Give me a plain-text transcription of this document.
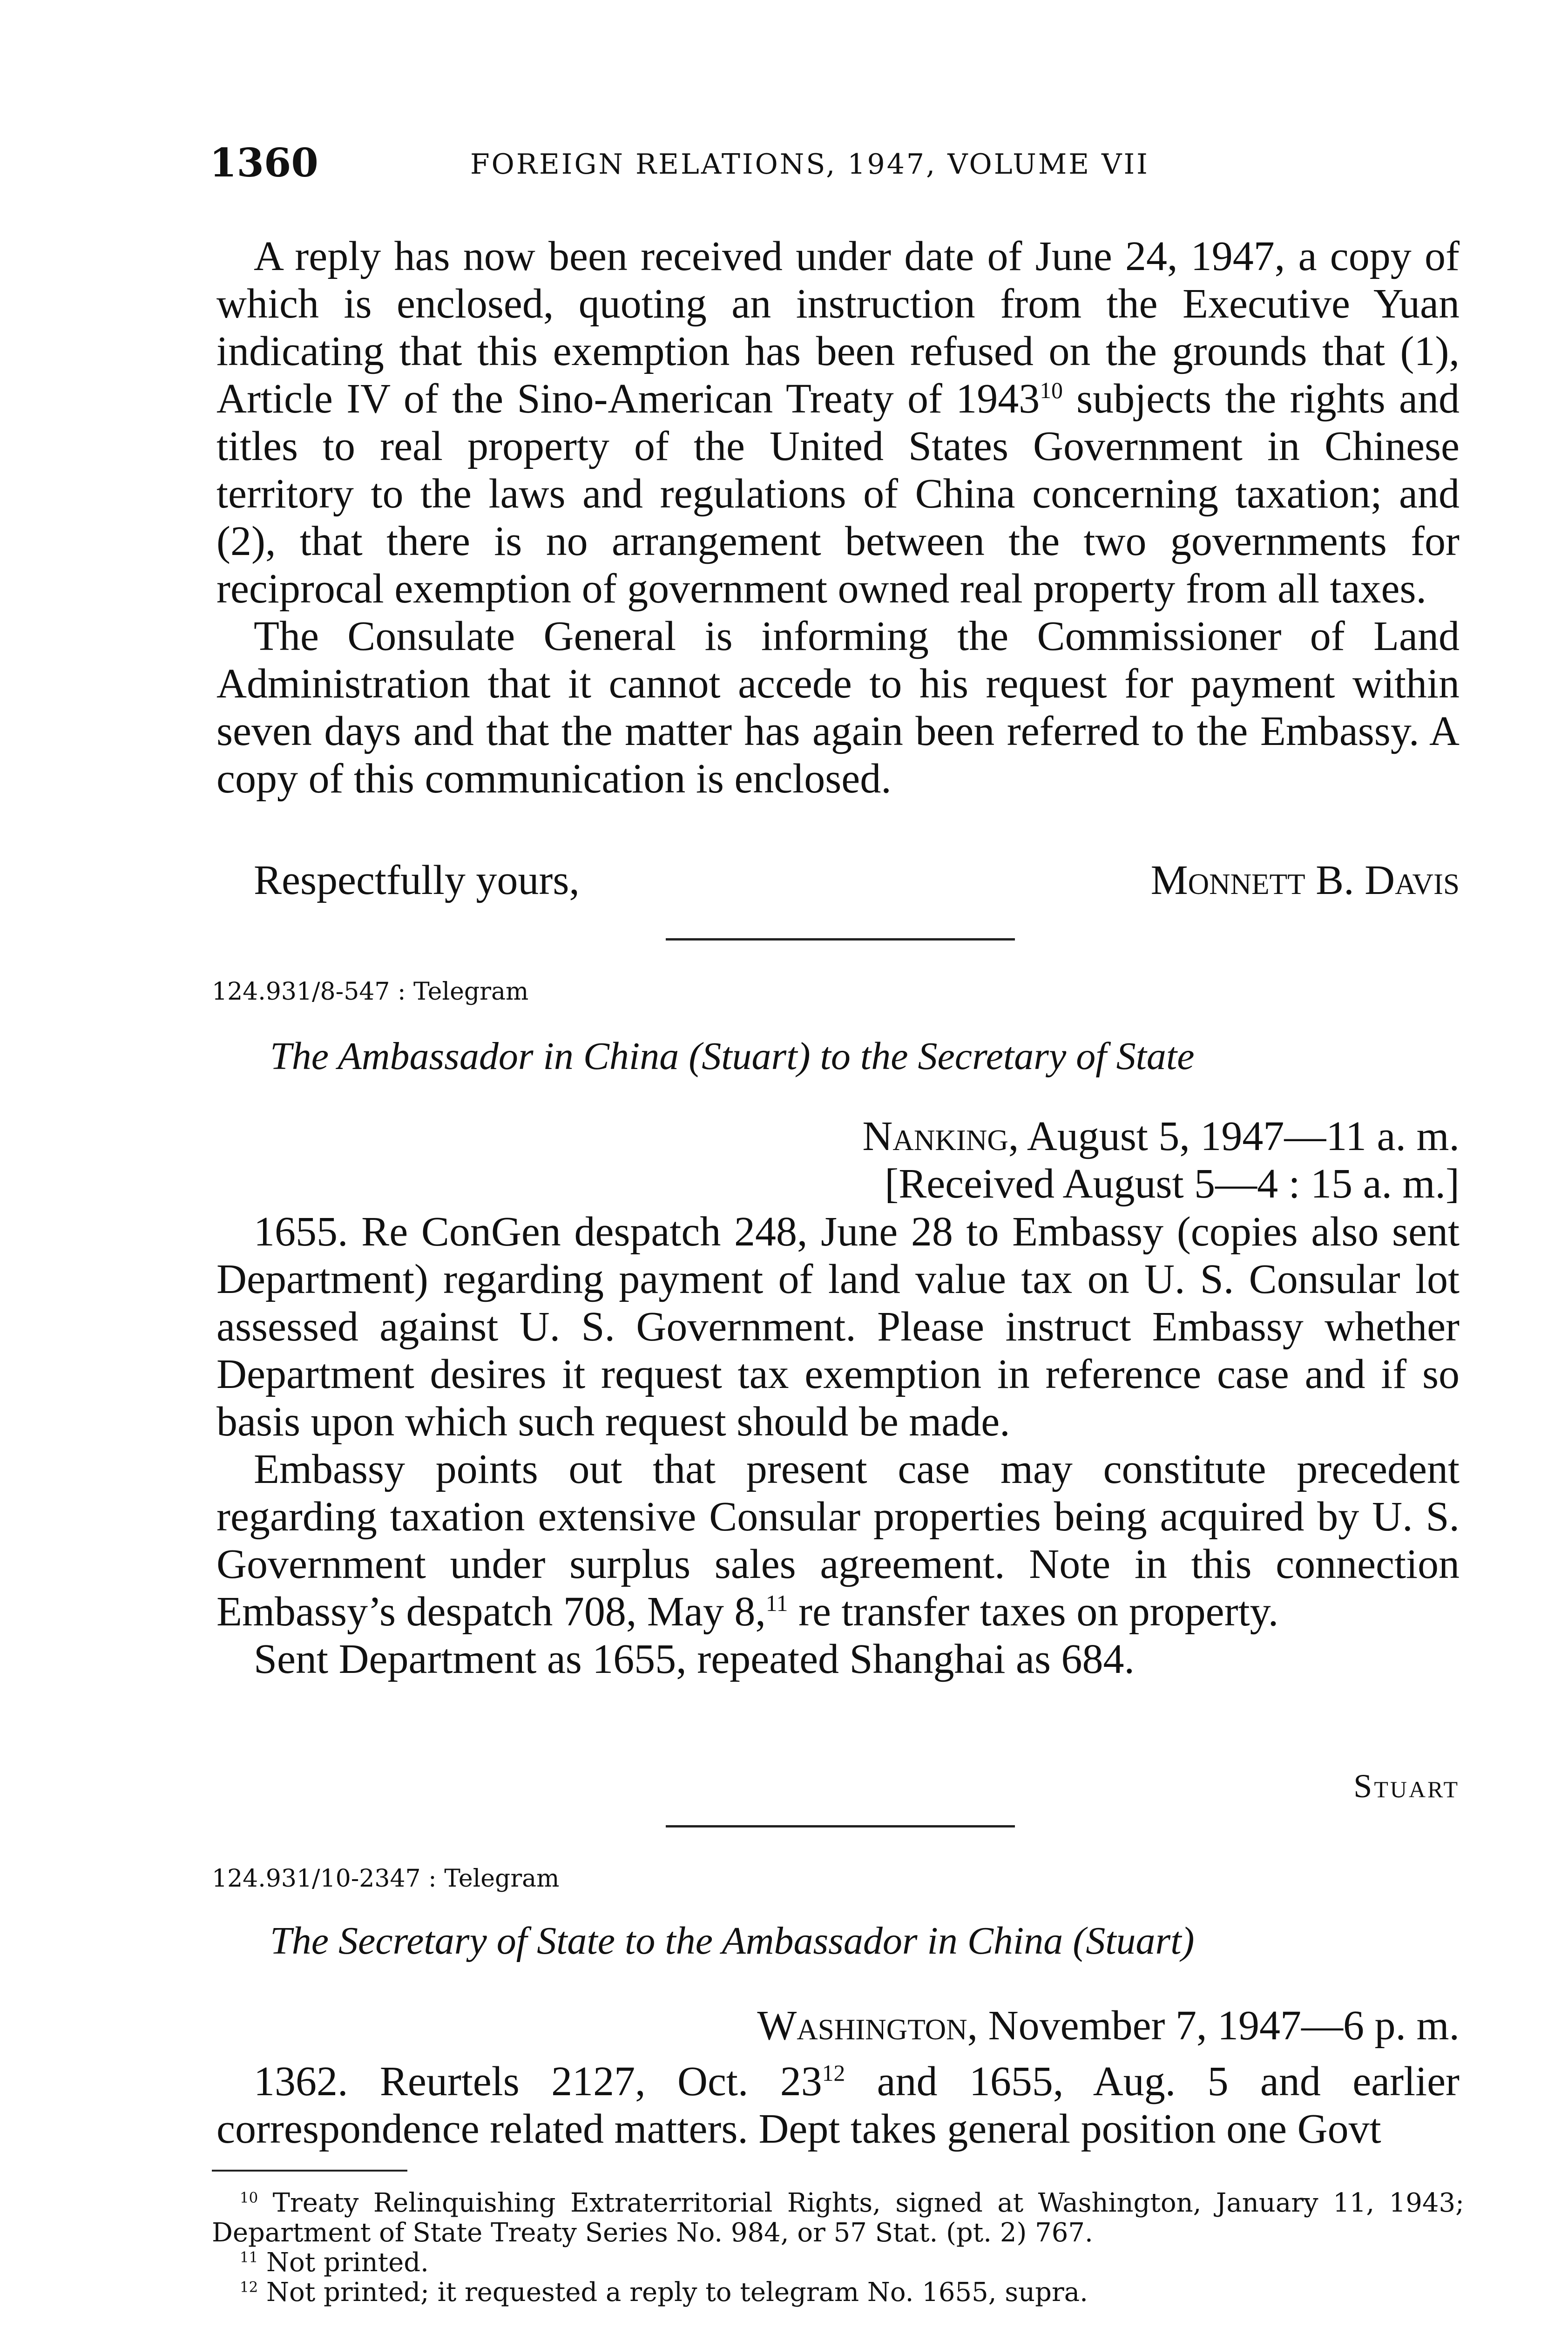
1360	FOREIGN RELATIONS, 1947, VOLUME VII

A reply has now been received under date of June 24, 1947, a copy of which is enclosed, quoting an instruction from the Executive Yuan indicating that this exemption has been refused on the grounds that (1), Article IV of the Sino-American Treaty of 1943$^{10}$ subjects the rights and titles to real property of the United States Government in Chinese territory to the laws and regulations of China concerning taxation; and (2), that there is no arrangement between the two governments for reciprocal exemption of government owned real property from all taxes.

The Consulate General is informing the Commissioner of Land Administration that it cannot accede to his request for payment within seven days and that the matter has again been referred to the Embassy. A copy of this communication is enclosed.

Respectfully yours,	Monnett B. Davis
124.931/8-547 : Telegram
The Ambassador in China (Stuart) to the Secretary of State
Nanking, August 5, 1947—11 a. m.
[Received August 5—4 : 15 a. m.]

1655. Re ConGen despatch 248, June 28 to Embassy (copies also sent Department) regarding payment of land value tax on U. S. Consular lot assessed against U. S. Government. Please instruct Embassy whether Department desires it request tax exemption in reference case and if so basis upon which such request should be made.

Embassy points out that present case may constitute precedent regarding taxation extensive Consular properties being acquired by U. S. Government under surplus sales agreement. Note in this connection Embassy’s despatch 708, May 8,11 re transfer taxes on property.

Sent Department as 1655, repeated Shanghai as 684.

Stuart
124.931/10-2347 : Telegram
The Secretary of State to the Ambassador in China (Stuart)
Washington, November 7, 1947—6 p. m.

1362. Reurtels 2127, Oct. $23^{12}$ and 1655, Aug. 5 and earlier correspondence related matters. Dept takes general position one Govt

$^{10}$ Treaty Relinquishing Extraterritorial Rights, signed at Washington, January 11, 1943; Department of State Treaty Series No. 984, or 57 Stat. (pt. 2) 767.

$^{11}$ Not printed.

$^{12}$ Not printed; it requested a reply to telegram No. 1655, supra.
